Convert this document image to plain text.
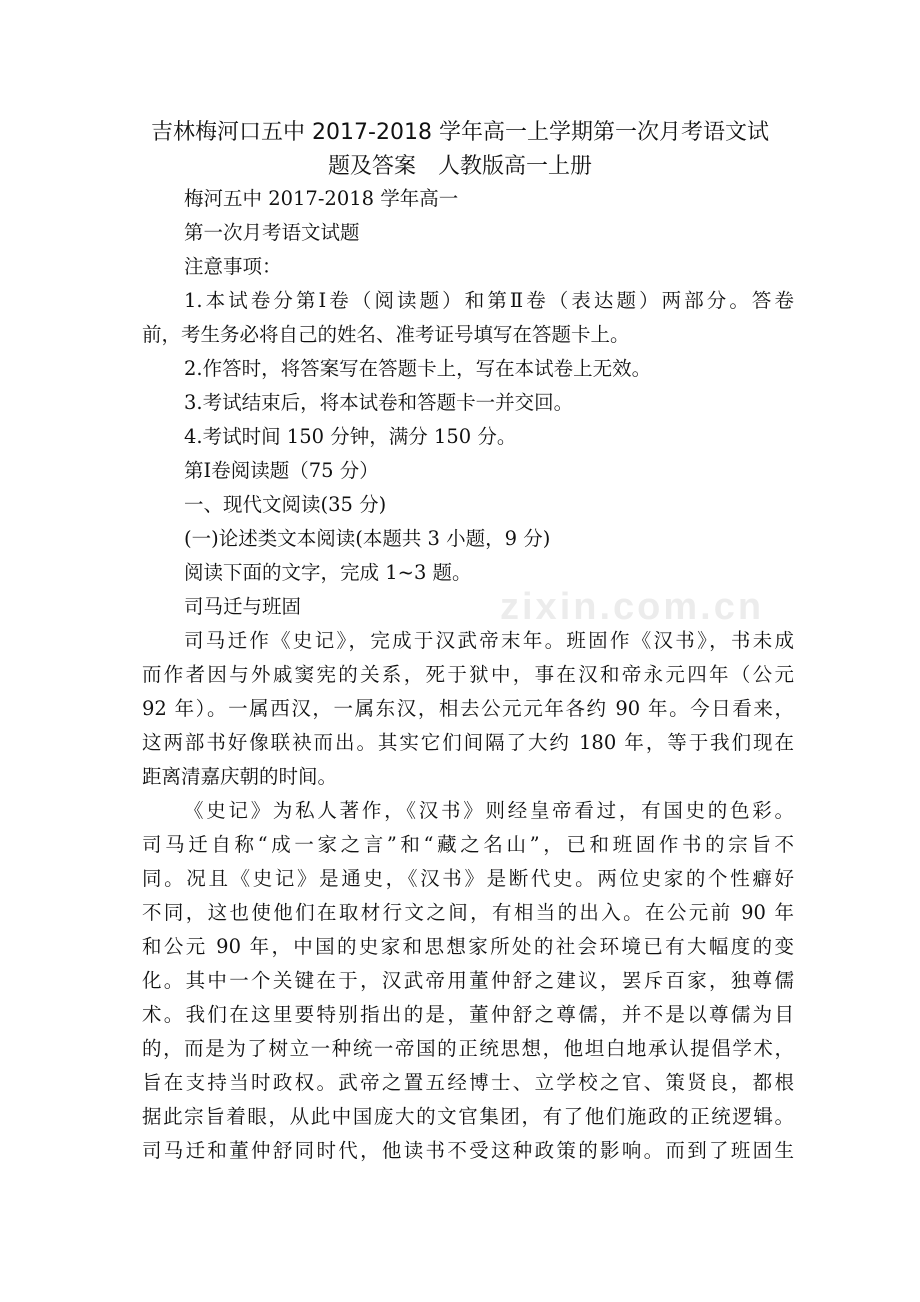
吉林梅河口五中 2017-2018 学年高一上学期第一次月考语文试
题及答案　人教版高一上册
梅河五中 2017-2018 学年高一
第一次月考语文试题
注意事项：
1.本试卷分第Ⅰ卷（阅读题）和第Ⅱ卷（表达题）两部分。答卷
前，考生务必将自己的姓名、准考证号填写在答题卡上。
2.作答时，将答案写在答题卡上，写在本试卷上无效。
3.考试结束后，将本试卷和答题卡一并交回。
4.考试时间 150 分钟，满分 150 分。
第Ⅰ卷阅读题（75 分）
一、现代文阅读(35 分)
(一)论述类文本阅读(本题共 3 小题，9 分)
阅读下面的文字，完成 1~3 题。
司马迁与班固
司马迁作《史记》，完成于汉武帝末年。班固作《汉书》，书未成
而作者因与外戚窦宪的关系，死于狱中，事在汉和帝永元四年（公元
92 年）。一属西汉，一属东汉，相去公元元年各约 90 年。今日看来，
这两部书好像联袂而出。其实它们间隔了大约 180 年，等于我们现在
距离清嘉庆朝的时间。
《史记》为私人著作，《汉书》则经皇帝看过，有国史的色彩。
司马迁自称“成一家之言”和“藏之名山”，已和班固作书的宗旨不
同。况且《史记》是通史，《汉书》是断代史。两位史家的个性癖好
不同，这也使他们在取材行文之间，有相当的出入。在公元前 90 年
和公元 90 年，中国的史家和思想家所处的社会环境已有大幅度的变
化。其中一个关键在于，汉武帝用董仲舒之建议，罢斥百家，独尊儒
术。我们在这里要特别指出的是，董仲舒之尊儒，并不是以尊儒为目
的，而是为了树立一种统一帝国的正统思想，他坦白地承认提倡学术，
旨在支持当时政权。武帝之置五经博士、立学校之官、策贤良，都根
据此宗旨着眼，从此中国庞大的文官集团，有了他们施政的正统逻辑。
司马迁和董仲舒同时代，他读书不受这种政策的影响。而到了班固生
zixin.com.cn
